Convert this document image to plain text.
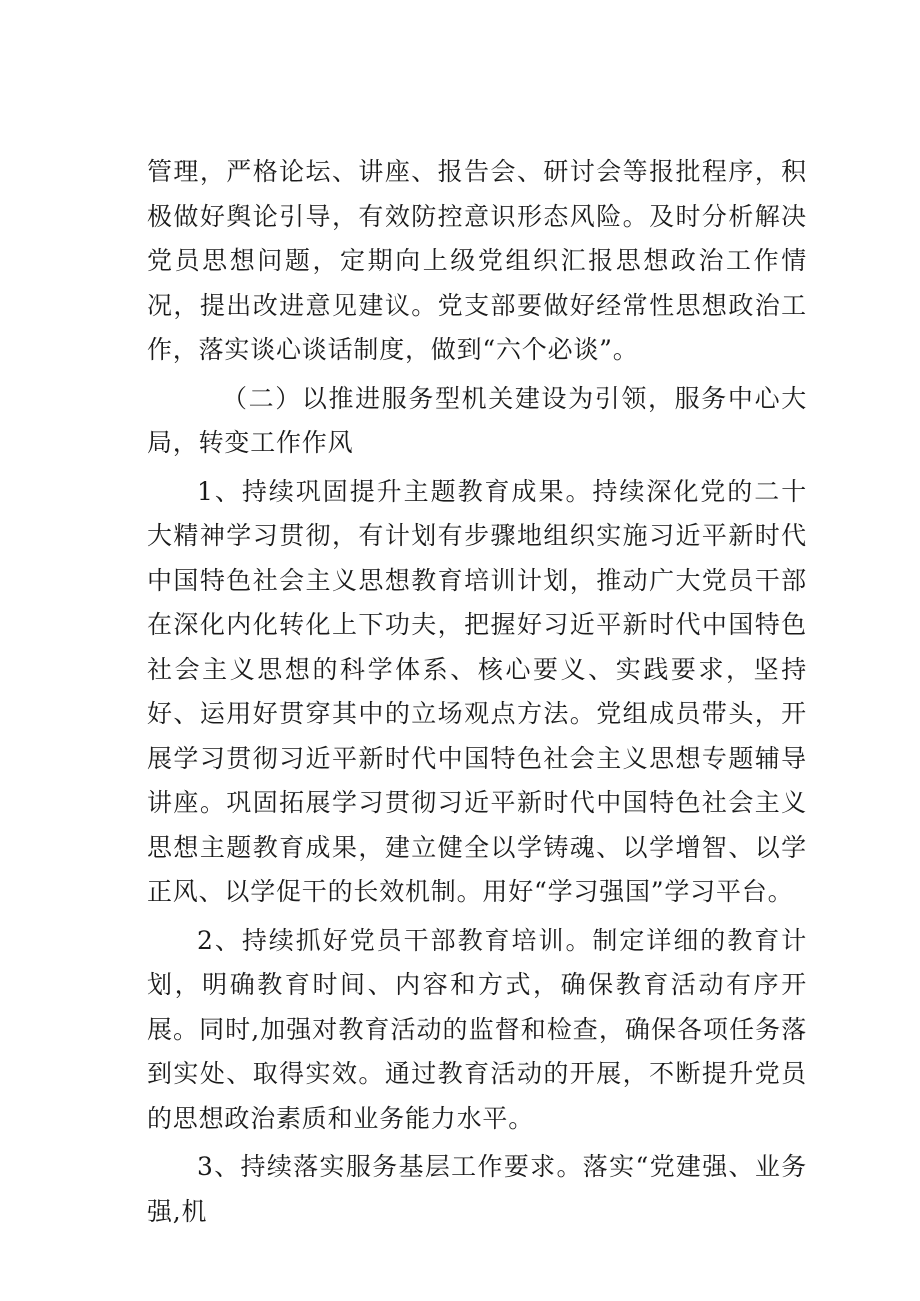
管理，严格论坛、讲座、报告会、研讨会等报批程序，积极做好舆论引导，有效防控意识形态风险。及时分析解决党员思想问题，定期向上级党组织汇报思想政治工作情况，提出改进意见建议。党支部要做好经常性思想政治工作，落实谈心谈话制度，做到“六个必谈”。

（二）以推进服务型机关建设为引领，服务中心大局，转变工作作风

1、持续巩固提升主题教育成果。持续深化党的二十大精神学习贯彻，有计划有步骤地组织实施习近平新时代中国特色社会主义思想教育培训计划，推动广大党员干部在深化内化转化上下功夫，把握好习近平新时代中国特色社会主义思想的科学体系、核心要义、实践要求，坚持好、运用好贯穿其中的立场观点方法。党组成员带头，开展学习贯彻习近平新时代中国特色社会主义思想专题辅导讲座。巩固拓展学习贯彻习近平新时代中国特色社会主义思想主题教育成果，建立健全以学铸魂、以学增智、以学正风、以学促干的长效机制。用好“学习强国”学习平台。

2、持续抓好党员干部教育培训。制定详细的教育计划，明确教育时间、内容和方式，确保教育活动有序开展。同时,加强对教育活动的监督和检查，确保各项任务落到实处、取得实效。通过教育活动的开展，不断提升党员的思想政治素质和业务能力水平。

3、持续落实服务基层工作要求。落实“党建强、业务强,机
